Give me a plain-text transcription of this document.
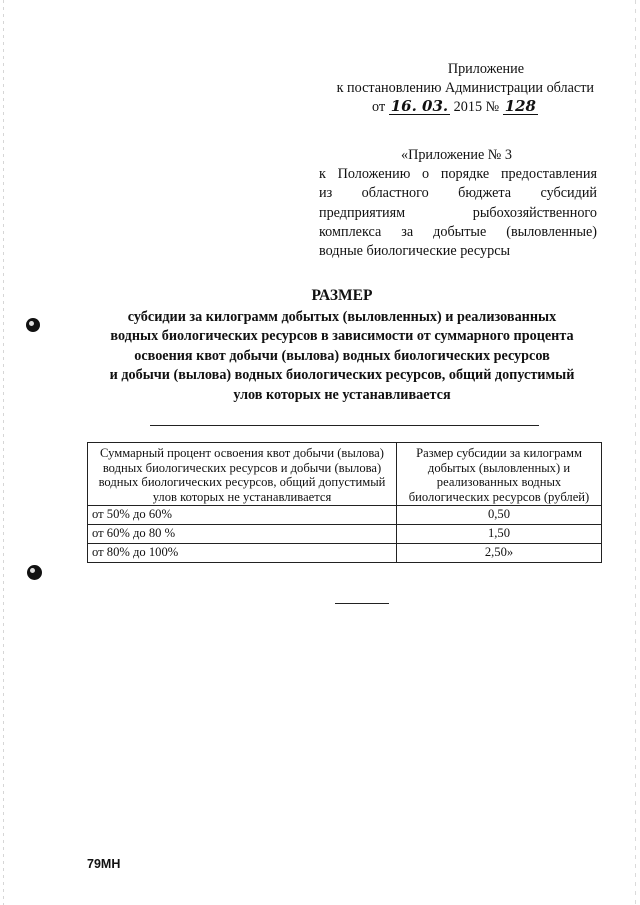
Приложение
к постановлению Администрации области
от 16. 03. 2015 № 128
«Приложение № 3
к Положению о порядке предоставления
из областного бюджета субсидий
предприятиям рыбохозяйственного
комплекса за добытые (выловленные)
водные биологические ресурсы
РАЗМЕР
субсидии за килограмм добытых (выловленных) и реализованных
водных биологических ресурсов в зависимости от суммарного процента
освоения квот добычи (вылова) водных биологических ресурсов
и добычи (вылова) водных биологических ресурсов, общий допустимый
улов которых не устанавливается
Суммарный процент освоения квот добычи (вылова) водных биологических ресурсов и добычи (вылова) водных биологических ресурсов, общий допустимый улов которых не устанавливается	Размер субсидии за килограмм добытых (выловленных) и реализованных водных биологических ресурсов (рублей)
от 50% до 60%	0,50
от 60% до 80 %	1,50
от 80% до 100%	2,50»
79МН
